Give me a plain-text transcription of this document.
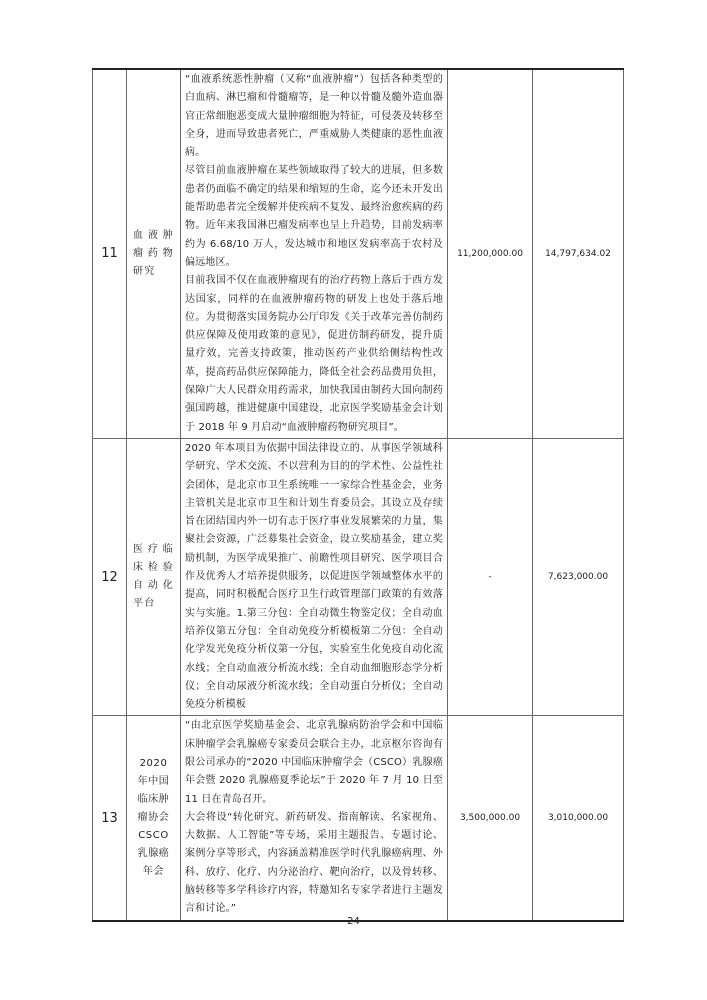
11	血液肿瘤药物研究	“血液系统恶性肿瘤（又称“血液肿瘤”）包括各种类型的白血病、淋巴瘤和骨髓瘤等，是一种以骨髓及髓外造血器官正常细胞恶变成大量肿瘤细胞为特征，可侵袭及转移至全身，进而导致患者死亡，严重威胁人类健康的恶性血液病。

尽管目前血液肿瘤在某些领域取得了较大的进展，但多数患者仍面临不确定的结果和缩短的生命，迄今还未开发出能帮助患者完全缓解并使疾病不复发、最终治愈疾病的药物。近年来我国淋巴瘤发病率也呈上升趋势，目前发病率约为 6.68/10 万人，发达城市和地区发病率高于农村及偏远地区。

目前我国不仅在血液肿瘤现有的治疗药物上落后于西方发达国家，同样的在血液肿瘤药物的研发上也处于落后地位。为贯彻落实国务院办公厅印发《关于改革完善仿制药供应保障及使用政策的意见》，促进仿制药研发，提升质量疗效，完善支持政策，推动医药产业供给侧结构性改革，提高药品供应保障能力，降低全社会药品费用负担，保障广大人民群众用药需求，加快我国由制药大国向制药强国跨越，推进健康中国建设，北京医学奖励基金会计划于 2018 年 9 月启动“血液肿瘤药物研究项目”。	11,200,000.00	14,797,634.02
12	医疗临床检验自动化平台	2020 年本项目为依据中国法律设立的、从事医学领域科学研究、学术交流、不以营利为目的的学术性、公益性社会团体，是北京市卫生系统唯一一家综合性基金会，业务主管机关是北京市卫生和计划生育委员会。其设立及存续旨在团结国内外一切有志于医疗事业发展繁荣的力量，集聚社会资源，广泛募集社会资金，设立奖励基金，建立奖励机制，为医学成果推广、前瞻性项目研究、医学项目合作及优秀人才培养提供服务，以促进医学领域整体水平的提高，同时积极配合医疗卫生行政管理部门政策的有效落实与实施。1.第三分包：全自动微生物鉴定仪；全自动血培养仪第五分包：全自动免疫分析模板第二分包：全自动化学发光免疫分析仪第一分包，实验室生化免疫自动化流水线；全自动血液分析流水线；全自动血细胞形态学分析仪；全自动尿液分析流水线；全自动蛋白分析仪；全自动免疫分析模板	-	7,623,000.00
13	2020 年中国临床肿瘤协会 CSCO 乳腺癌年会	“由北京医学奖励基金会、北京乳腺病防治学会和中国临床肿瘤学会乳腺癌专家委员会联合主办，北京枢尔咨询有限公司承办的“2020 中国临床肿瘤学会（CSCO）乳腺癌年会暨 2020 乳腺癌夏季论坛”于 2020 年 7 月 10 日至 11 日在青岛召开。

大会将设“转化研究、新药研发、指南解读、名家视角、大数据、人工智能”等专场，采用主题报告、专题讨论、案例分享等形式，内容涵盖精准医学时代乳腺癌病理、外科、放疗、化疗、内分泌治疗、靶向治疗，以及骨转移、脑转移等多学科诊疗内容，特邀知名专家学者进行主题发言和讨论。”	3,500,000.00	3,010,000.00
24
